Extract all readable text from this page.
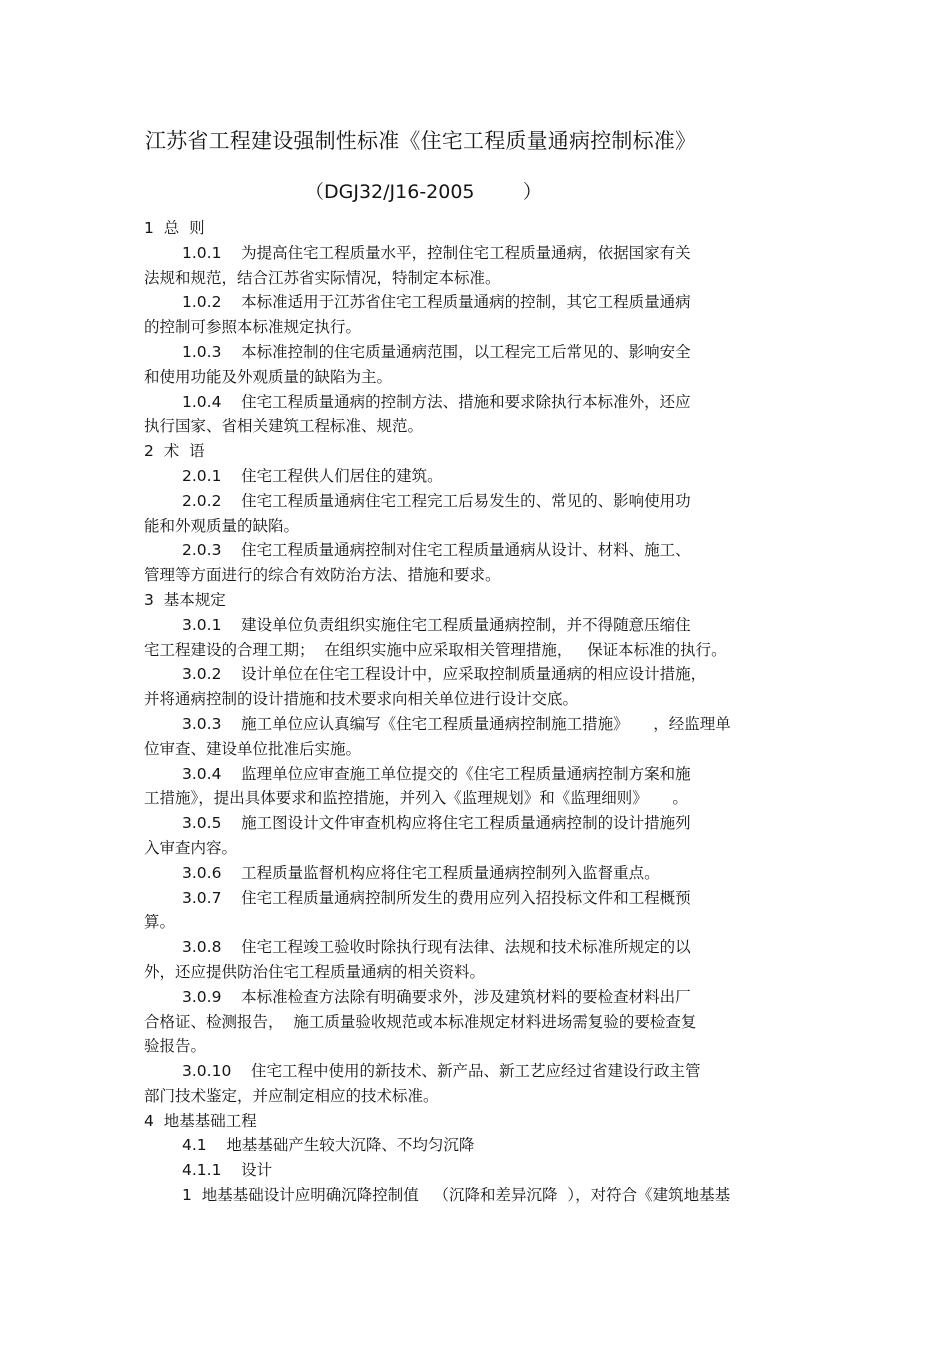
江苏省工程建设强制性标准《住宅工程质量通病控制标准》
（DGJ32/J16-2005        ）
1  总  则
1.0.1    为提高住宅工程质量水平，控制住宅工程质量通病，依据国家有关
法规和规范，结合江苏省实际情况，特制定本标准。
1.0.2    本标准适用于江苏省住宅工程质量通病的控制，其它工程质量通病
的控制可参照本标准规定执行。
1.0.3    本标准控制的住宅质量通病范围，以工程完工后常见的、影响安全
和使用功能及外观质量的缺陷为主。
1.0.4    住宅工程质量通病的控制方法、措施和要求除执行本标准外，还应
执行国家、省相关建筑工程标准、规范。
2  术  语
2.0.1    住宅工程供人们居住的建筑。
2.0.2    住宅工程质量通病住宅工程完工后易发生的、常见的、影响使用功
能和外观质量的缺陷。
2.0.3    住宅工程质量通病控制对住宅工程质量通病从设计、材料、施工、
管理等方面进行的综合有效防治方法、措施和要求。
3  基本规定
3.0.1    建设单位负责组织实施住宅工程质量通病控制，并不得随意压缩住
宅工程建设的合理工期；  在组织实施中应采取相关管理措施，   保证本标准的执行。
3.0.2    设计单位在住宅工程设计中，应采取控制质量通病的相应设计措施，
并将通病控制的设计措施和技术要求向相关单位进行设计交底。
3.0.3    施工单位应认真编写《住宅工程质量通病控制施工措施》     ，经监理单
位审查、建设单位批准后实施。
3.0.4    监理单位应审查施工单位提交的《住宅工程质量通病控制方案和施
工措施》，提出具体要求和监控措施，并列入《监理规划》和《监理细则》     。
3.0.5    施工图设计文件审查机构应将住宅工程质量通病控制的设计措施列
入审查内容。
3.0.6    工程质量监督机构应将住宅工程质量通病控制列入监督重点。
3.0.7    住宅工程质量通病控制所发生的费用应列入招投标文件和工程概预
算。
3.0.8    住宅工程竣工验收时除执行现有法律、法规和技术标准所规定的以
外，还应提供防治住宅工程质量通病的相关资料。
3.0.9    本标准检查方法除有明确要求外，涉及建筑材料的要检查材料出厂
合格证、检测报告，  施工质量验收规范或本标准规定材料进场需复验的要检查复
验报告。
3.0.10    住宅工程中使用的新技术、新产品、新工艺应经过省建设行政主管
部门技术鉴定，并应制定相应的技术标准。
4  地基基础工程
4.1    地基基础产生较大沉降、不均匀沉降
4.1.1    设计
1  地基基础设计应明确沉降控制值   （沉降和差异沉降  ），对符合《建筑地基基
